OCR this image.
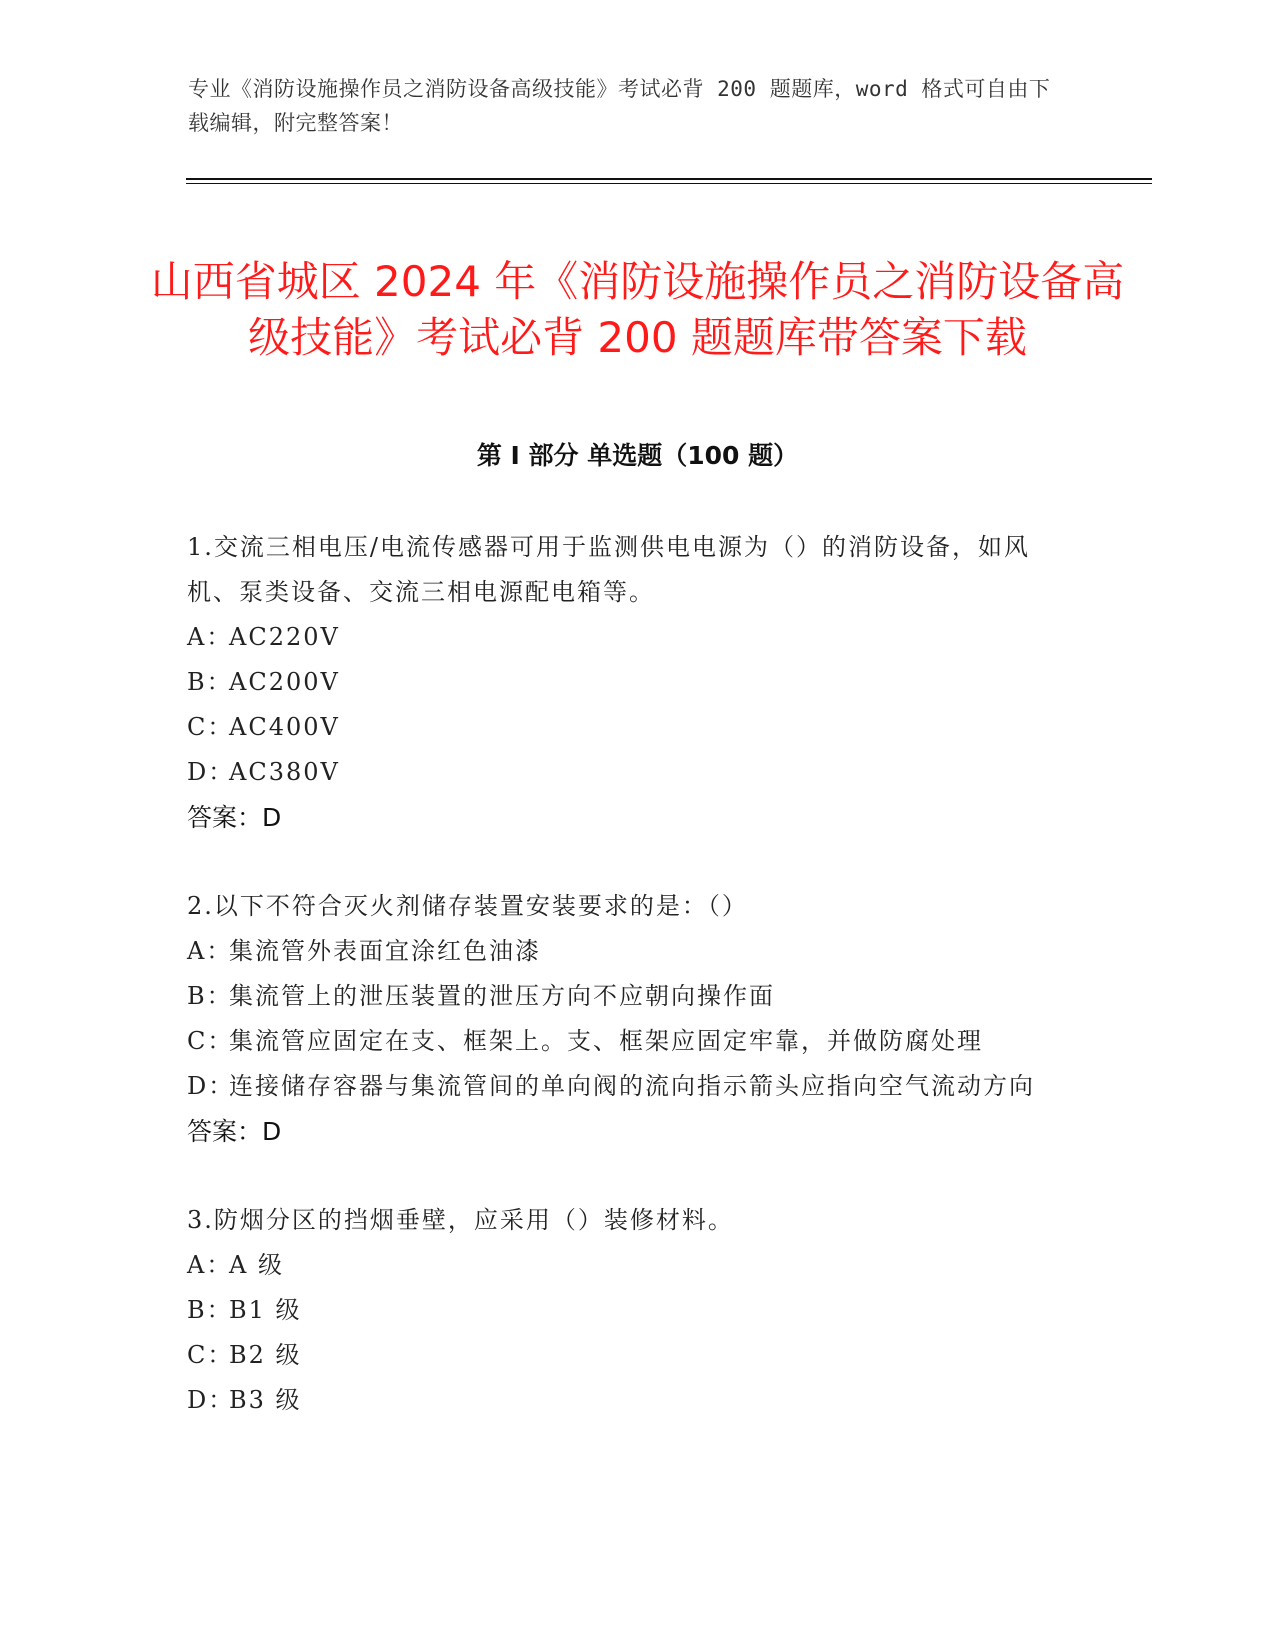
专业《消防设施操作员之消防设备高级技能》考试必背 200 题题库，word 格式可自由下载编辑，附完整答案！
山西省城区 2024 年《消防设施操作员之消防设备高级技能》考试必背 200 题题库带答案下载
第 I 部分 单选题（100 题）
1.交流三相电压/电流传感器可用于监测供电电源为（）的消防设备，如风机、泵类设备、交流三相电源配电箱等。
A：
AC220V
B：
AC200V
C：
AC400V
D：
AC380V
答案：D
2.以下不符合灭火剂储存装置安装要求的是：（）
A：
集流管外表面宜涂红色油漆
B：
集流管上的泄压装置的泄压方向不应朝向操作面
C：
集流管应固定在支、框架上。支、框架应固定牢靠，并做防腐处理
D：
连接储存容器与集流管间的单向阀的流向指示箭头应指向空气流动方向
答案：D
3.防烟分区的挡烟垂壁，应采用（）装修材料。
A：
A 级
B：
B1 级
C：
B2 级
D：
B3 级
